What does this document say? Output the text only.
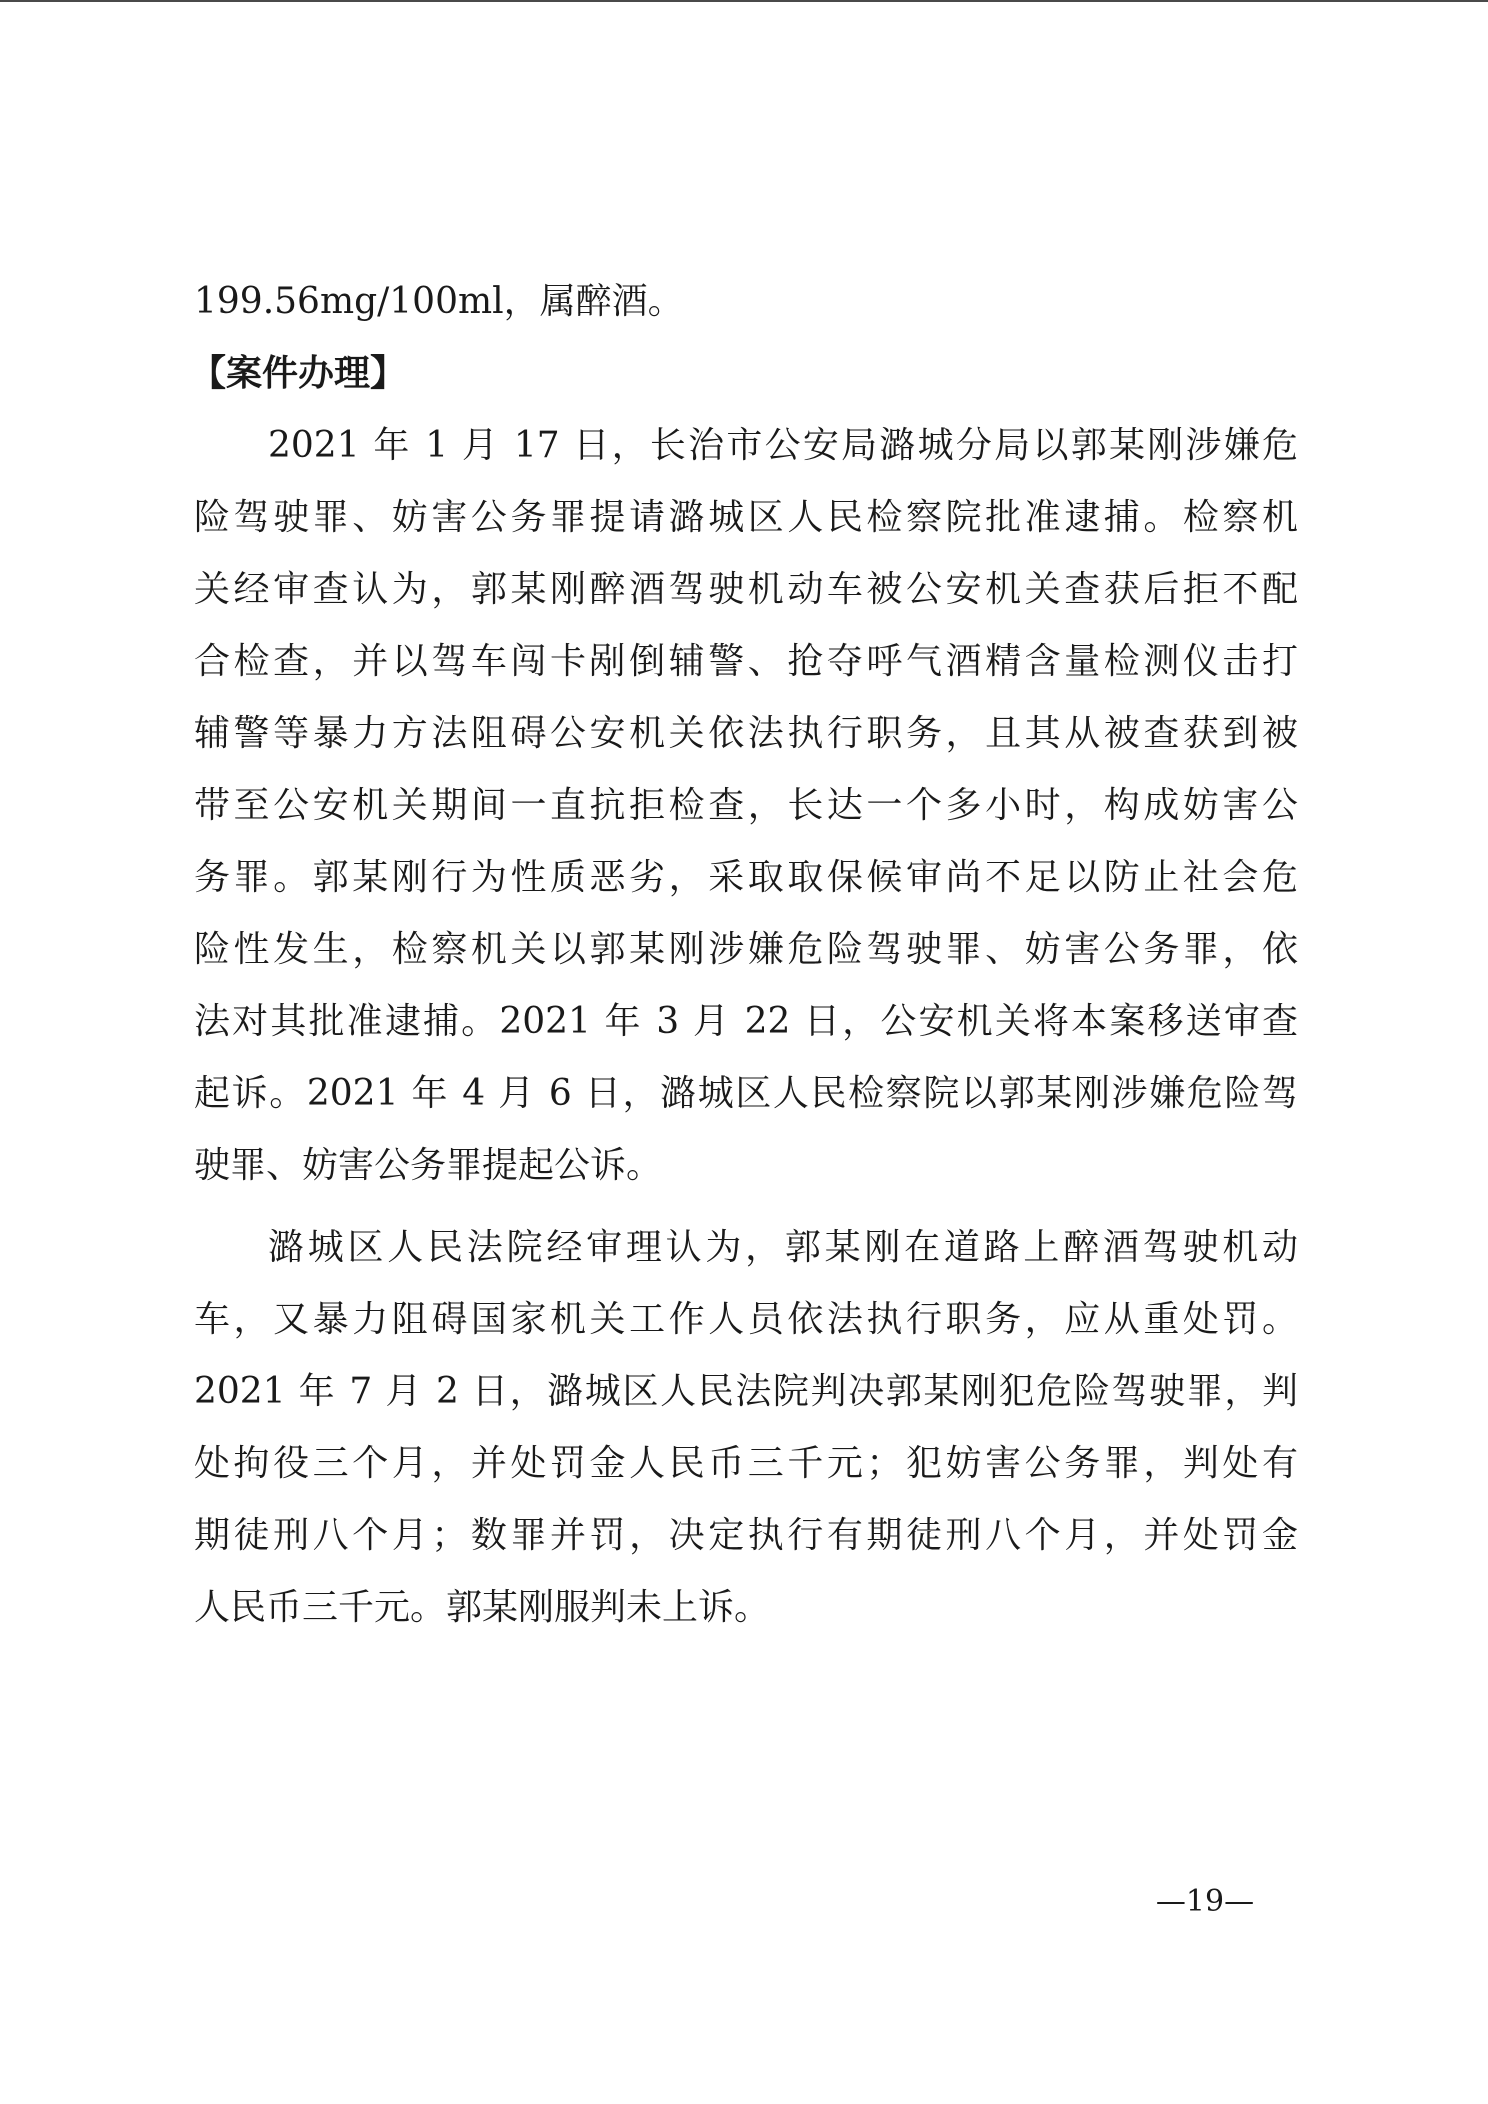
199.56mg/100ml，属醉酒。
【案件办理】
2021 年 1 月 17 日，长治市公安局潞城分局以郭某刚涉嫌危
险驾驶罪、妨害公务罪提请潞城区人民检察院批准逮捕。检察机
关经审查认为，郭某刚醉酒驾驶机动车被公安机关查获后拒不配
合检查，并以驾车闯卡剐倒辅警、抢夺呼气酒精含量检测仪击打
辅警等暴力方法阻碍公安机关依法执行职务，且其从被查获到被
带至公安机关期间一直抗拒检查，长达一个多小时，构成妨害公
务罪。郭某刚行为性质恶劣，采取取保候审尚不足以防止社会危
险性发生，检察机关以郭某刚涉嫌危险驾驶罪、妨害公务罪，依
法对其批准逮捕。2021 年 3 月 22 日，公安机关将本案移送审查
起诉。2021 年 4 月 6 日，潞城区人民检察院以郭某刚涉嫌危险驾
驶罪、妨害公务罪提起公诉。
潞城区人民法院经审理认为，郭某刚在道路上醉酒驾驶机动
车，又暴力阻碍国家机关工作人员依法执行职务，应从重处罚。
2021 年 7 月 2 日，潞城区人民法院判决郭某刚犯危险驾驶罪，判
处拘役三个月，并处罚金人民币三千元；犯妨害公务罪，判处有
期徒刑八个月；数罪并罚，决定执行有期徒刑八个月，并处罚金
人民币三千元。郭某刚服判未上诉。
—19—
